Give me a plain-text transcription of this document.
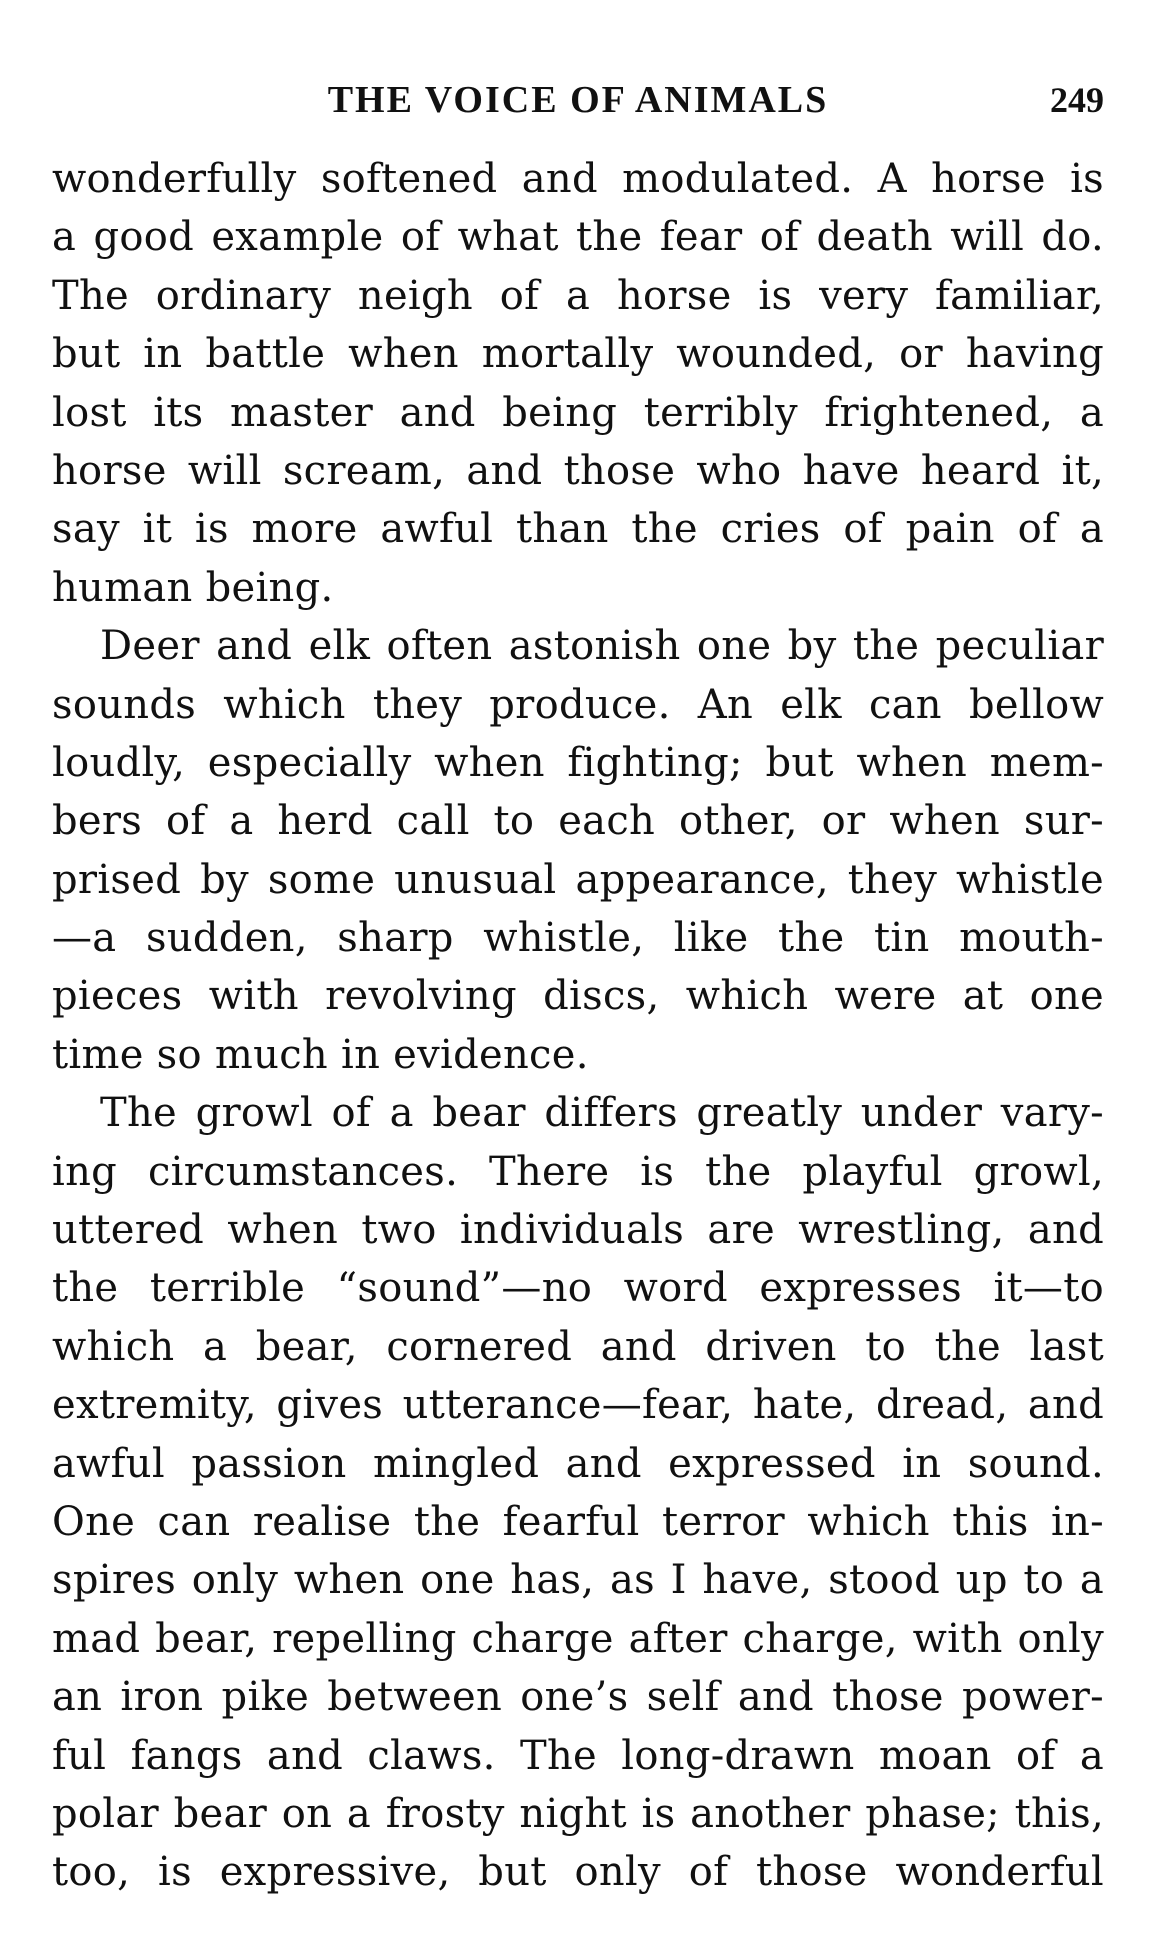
THE VOICE OF ANIMALS	249
wonderfully softened and modulated. A horse is
a good example of what the fear of death will do.
The ordinary neigh of a horse is very familiar,
but in battle when mortally wounded, or having
lost its master and being terribly frightened, a
horse will scream, and those who have heard it,
say it is more awful than the cries of pain of a
human being.
Deer and elk often astonish one by the peculiar
sounds which they produce. An elk can bellow
loudly, especially when fighting; but when mem-
bers of a herd call to each other, or when sur-
prised by some unusual appearance, they whistle
—a sudden, sharp whistle, like the tin mouth-
pieces with revolving discs, which were at one
time so much in evidence.
The growl of a bear differs greatly under vary-
ing circumstances. There is the playful growl,
uttered when two individuals are wrestling, and
the terrible “sound”—no word expresses it—to
which a bear, cornered and driven to the last
extremity, gives utterance—fear, hate, dread, and
awful passion mingled and expressed in sound.
One can realise the fearful terror which this in-
spires only when one has, as I have, stood up to a
mad bear, repelling charge after charge, with only
an iron pike between one’s self and those power-
ful fangs and claws. The long-drawn moan of a
polar bear on a frosty night is another phase; this,
too, is expressive, but only of those wonderful
